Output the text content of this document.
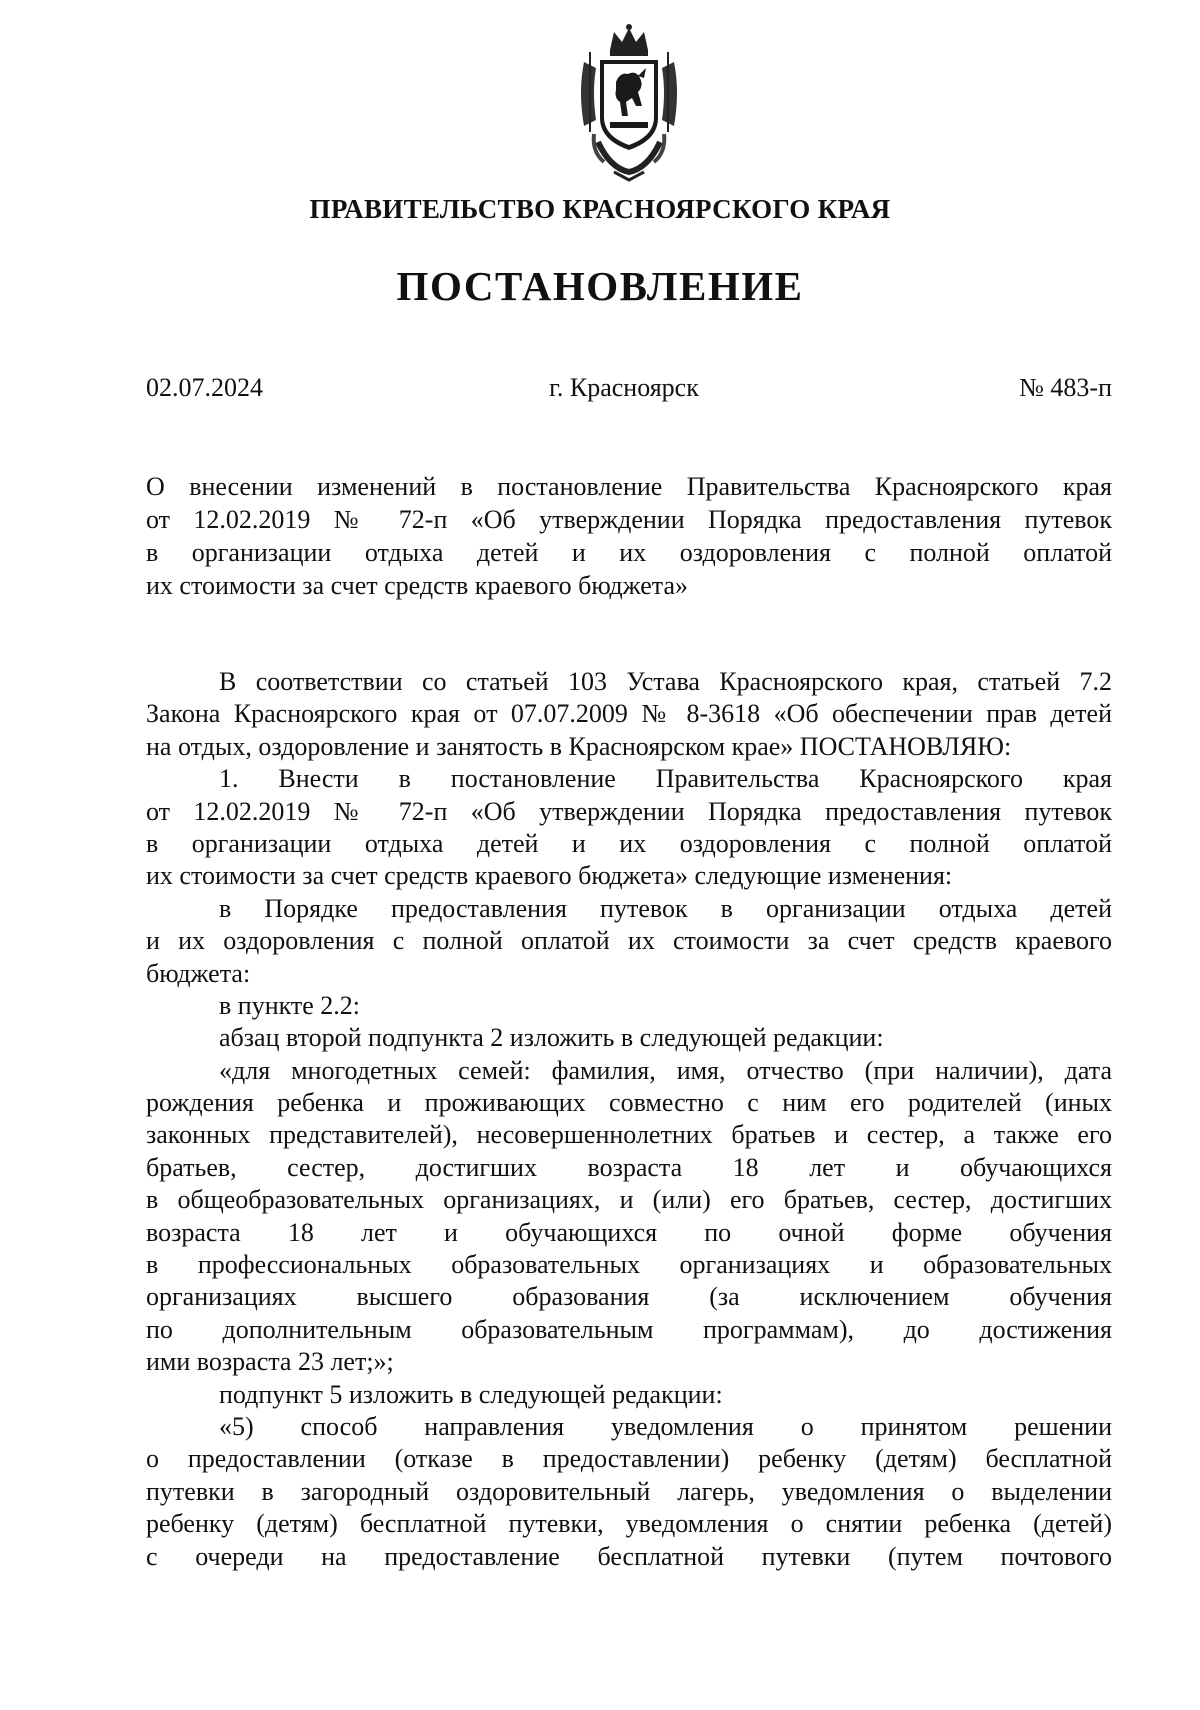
ПРАВИТЕЛЬСТВО КРАСНОЯРСКОГО КРАЯ
ПОСТАНОВЛЕНИЕ
02.07.2024	г. Красноярск	№ 483-п
О внесении изменений в постановление Правительства Красноярского края
от 12.02.2019 № 72-п «Об утверждении Порядка предоставления путевок
в организации отдыха детей и их оздоровления с полной оплатой
их стоимости за счет средств краевого бюджета»
В соответствии со статьей 103 Устава Красноярского края, статьей 7.2
Закона Красноярского края от 07.07.2009 № 8-3618 «Об обеспечении прав детей
на отдых, оздоровление и занятость в Красноярском крае» ПОСТАНОВЛЯЮ:
1. Внести в постановление Правительства Красноярского края
от 12.02.2019 № 72-п «Об утверждении Порядка предоставления путевок
в организации отдыха детей и их оздоровления с полной оплатой
их стоимости за счет средств краевого бюджета» следующие изменения:
в Порядке предоставления путевок в организации отдыха детей
и их оздоровления с полной оплатой их стоимости за счет средств краевого
бюджета:
в пункте 2.2:
абзац второй подпункта 2 изложить в следующей редакции:
«для многодетных семей: фамилия, имя, отчество (при наличии), дата
рождения ребенка и проживающих совместно с ним его родителей (иных
законных представителей), несовершеннолетних братьев и сестер, а также его
братьев, сестер, достигших возраста 18 лет и обучающихся
в общеобразовательных организациях, и (или) его братьев, сестер, достигших
возраста 18 лет и обучающихся по очной форме обучения
в профессиональных образовательных организациях и образовательных
организациях высшего образования (за исключением обучения
по дополнительным образовательным программам), до достижения
ими возраста 23 лет;»;
подпункт 5 изложить в следующей редакции:
«5) способ направления уведомления о принятом решении
о предоставлении (отказе в предоставлении) ребенку (детям) бесплатной
путевки в загородный оздоровительный лагерь, уведомления о выделении
ребенку (детям) бесплатной путевки, уведомления о снятии ребенка (детей)
с очереди на предоставление бесплатной путевки (путем почтового
